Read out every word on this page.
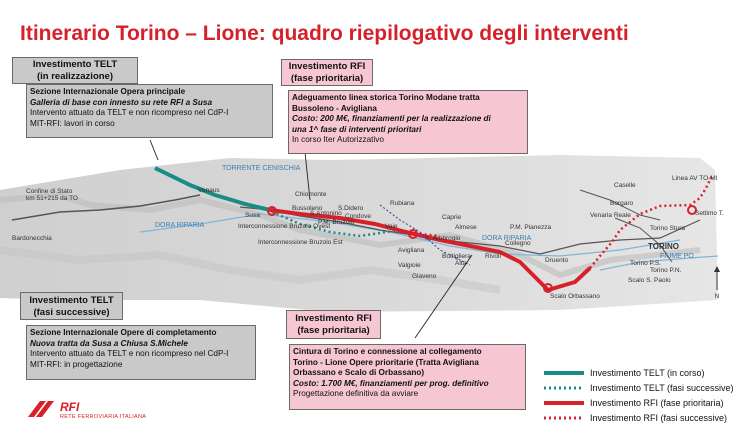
Itinerario Torino – Lione: quadro riepilogativo degli interventi
N
Confine di Stato
km 51+215 da TO
Bardonecchia
DORA RIPARIA
Venaus
TORRENTE CENISCHIA
Susa
Chiomonte
Bussoleno S.Didero
Condove
S.Antonino
P.M. Bruzolo
Vaie
Interconnessione Bruzolo Ovest
Interconnessione Bruzolo Est
Caprie
Almese
S. Ambrogio
Rubiana
DORA RIPARIA
Avigliana
Buttigliera
Alta
Rivoli
Valgioie
Giaveno
Scalo Orbassano
Collegno
P.M. Pianezza
Druento
Caselle
Borgaro
Venaria Reale
Torino Stura
TORINO
Torino P.S.
Torino P.N.
FIUME PO
Scalo S. Paolo
Settimo T.
Linea AV TO-MI
Investimento TELT
(in realizzazione)
Sezione Internazionale Opera principale
Galleria di base con innesto su rete RFI a Susa
Intervento attuato da TELT e non ricompreso nel CdP-I
MIT-RFI: lavori in corso
Investimento RFI
(fase prioritaria)
Adeguamento linea storica Torino Modane tratta
Bussoleno - Avigliana
Costo: 200 M€, finanziamenti per la realizzazione di
una 1^ fase di interventi prioritari
In corso Iter Autorizzativo
Investimento TELT
(fasi successive)
Sezione Internazionale Opere di completamento
Nuova tratta da Susa a Chiusa S.Michele
Intervento attuato da TELT e non ricompreso nel CdP-I
MIT-RFI: in progettazione
Investimento RFI
(fase prioritaria)
Cintura di Torino e connessione al collegamento
Torino - Lione Opere prioritarie (Tratta Avigliana
Orbassano e Scalo di Orbassano)
Costo: 1.700 M€, finanziamenti per prog. definitivo
Progettazione definitiva da avviare
Investimento TELT (in corso)
Investimento TELT (fasi successive)
Investimento RFI (fase prioritaria)
Investimento RFI (fasi successive)
RFI
RETE FERROVIARIA ITALIANA
